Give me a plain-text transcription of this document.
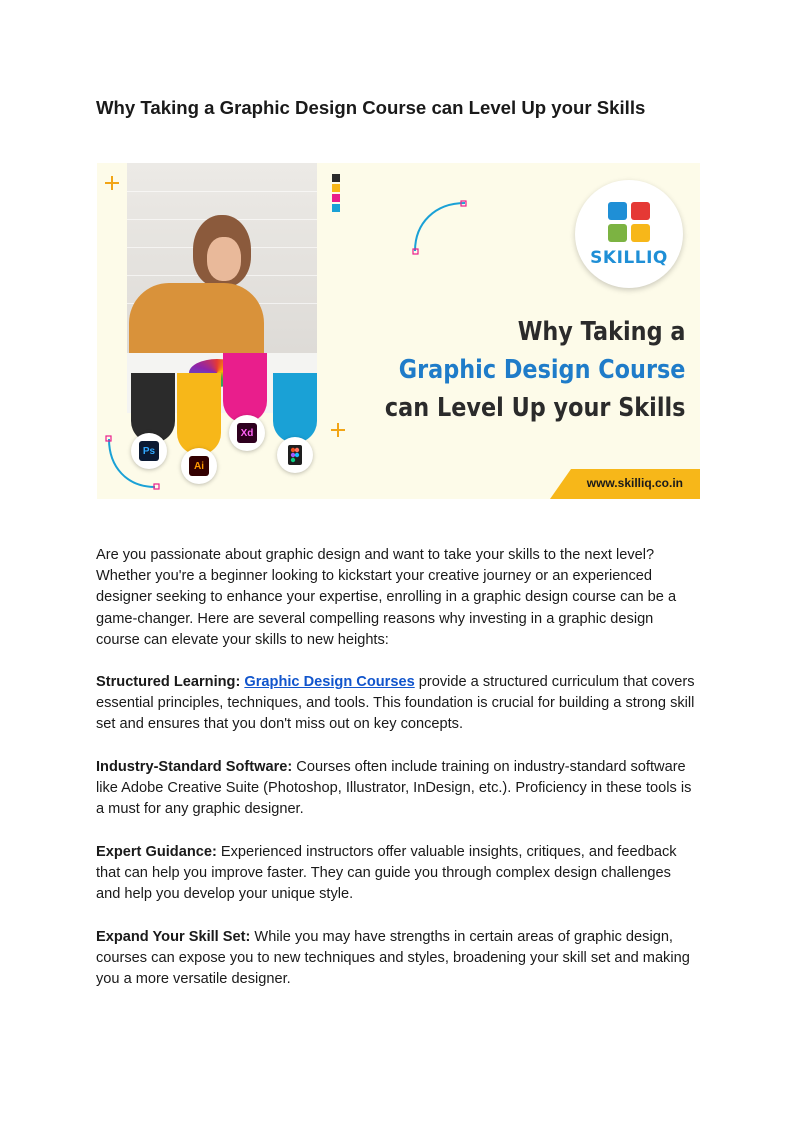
Why Taking a Graphic Design Course can Level Up your Skills
Ps
Ai
Xd
SKILLIQ
Why Taking a
Graphic Design Course
can Level Up your Skills
www.skilliq.co.in

Are you passionate about graphic design and want to take your skills to the next level? Whether you're a beginner looking to kickstart your creative journey or an experienced designer seeking to enhance your expertise, enrolling in a graphic design course can be a game-changer. Here are several compelling reasons why investing in a graphic design course can elevate your skills to new heights:

Structured Learning: Graphic Design Courses provide a structured curriculum that covers essential principles, techniques, and tools. This foundation is crucial for building a strong skill set and ensures that you don't miss out on key concepts.

Industry-Standard Software: Courses often include training on industry-standard software like Adobe Creative Suite (Photoshop, Illustrator, InDesign, etc.). Proficiency in these tools is a must for any graphic designer.

Expert Guidance: Experienced instructors offer valuable insights, critiques, and feedback that can help you improve faster. They can guide you through complex design challenges and help you develop your unique style.

Expand Your Skill Set: While you may have strengths in certain areas of graphic design, courses can expose you to new techniques and styles, broadening your skill set and making you a more versatile designer.
